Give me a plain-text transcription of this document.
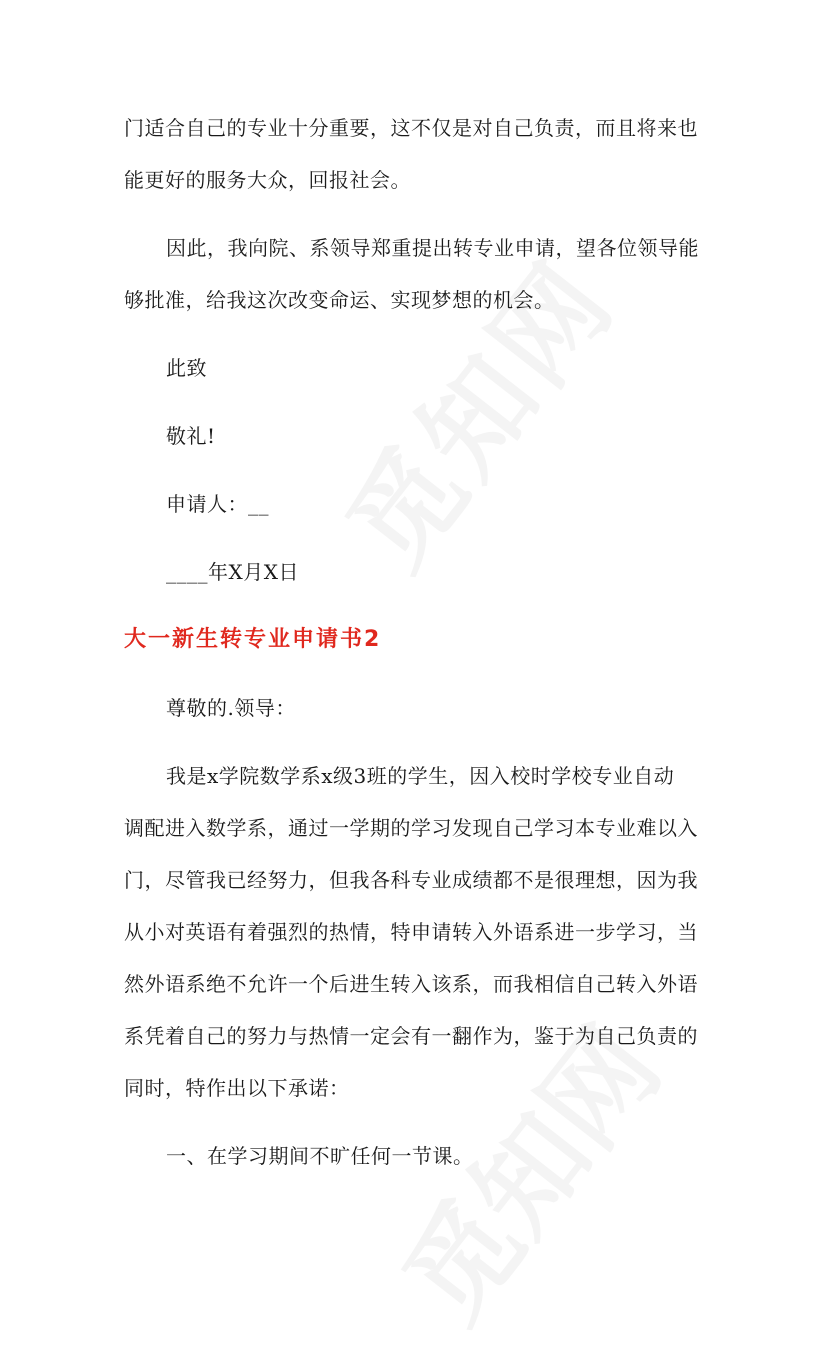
门适合自己的专业十分重要，这不仅是对自己负责，而且将来也
能更好的服务大众，回报社会。
因此，我向院、系领导郑重提出转专业申请，望各位领导能
够批准，给我这次改变命运、实现梦想的机会。
此致
敬礼!
申请人：__
____年X月X日
大一新生转专业申请书2
尊敬的.领导：
我是x学院数学系x级3班的学生，因入校时学校专业自动
调配进入数学系，通过一学期的学习发现自己学习本专业难以入
门，尽管我已经努力，但我各科专业成绩都不是很理想，因为我
从小对英语有着强烈的热情，特申请转入外语系进一步学习，当
然外语系绝不允许一个后进生转入该系，而我相信自己转入外语
系凭着自己的努力与热情一定会有一翻作为，鉴于为自己负责的
同时，特作出以下承诺：
一、在学习期间不旷任何一节课。
